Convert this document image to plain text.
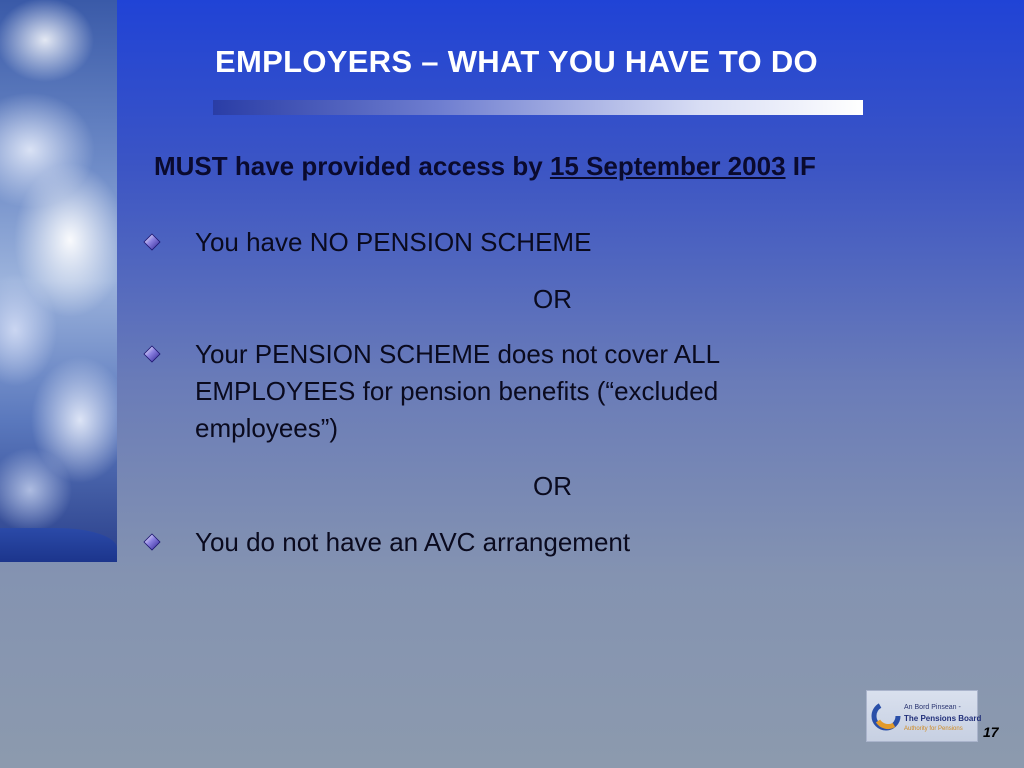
EMPLOYERS – WHAT YOU HAVE TO DO
MUST have provided access by 15 September 2003 IF
You have NO PENSION SCHEME
OR
Your PENSION SCHEME does not cover ALL EMPLOYEES for pension benefits (“excluded employees”)
OR
You do not have an AVC arrangement
An Bord Pinsean -
The Pensions Board
Authority for Pensions 17
